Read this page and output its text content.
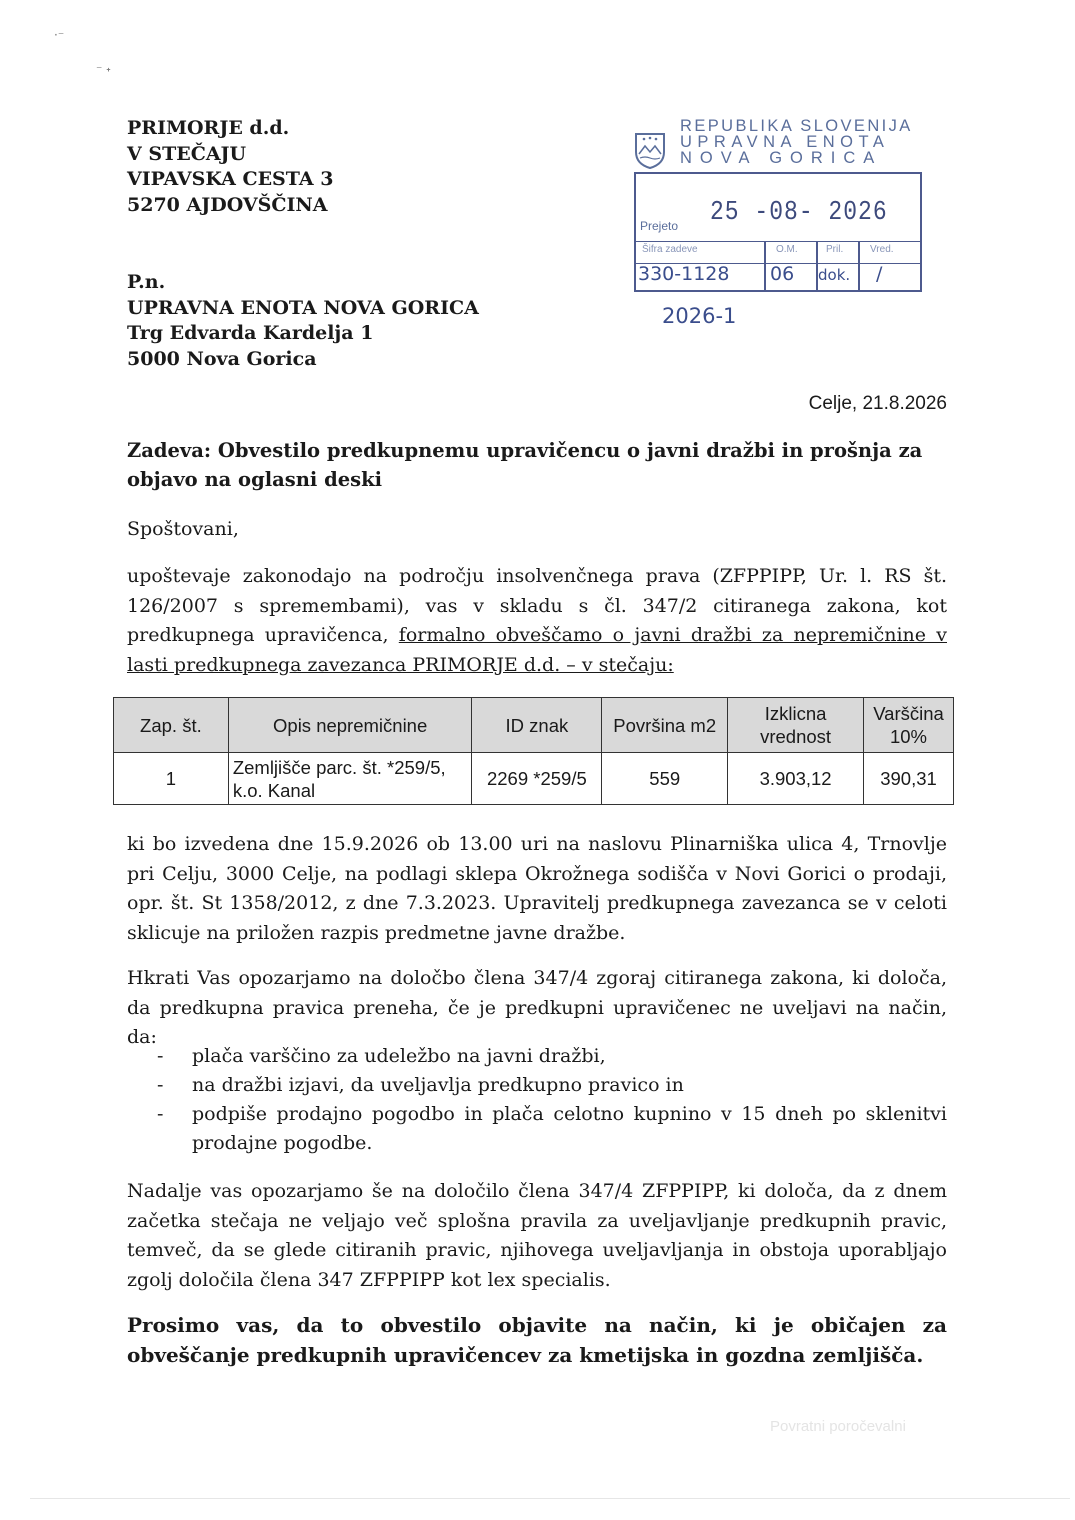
·⁻
⁻ ˖
PRIMORJE d.d.
V STEČAJU
VIPAVSKA CESTA 3
5270 AJDOVŠČINA
P.n.
UPRAVNA ENOTA NOVA GORICA
Trg Edvarda Kardelja 1
5000 Nova Gorica
REPUBLIKA SLOVENIJA
UPRAVNA ENOTA
NOVA GORICA
Prejeto 25 -08- 2026
Šifra zadeve	O.M.	Pril.	Vred.
330-1128 06 dok. /
2026-1
Celje, 21.8.2026
Zadeva: Obvestilo predkupnemu upravičencu o javni dražbi in prošnja za objavo na oglasni deski
Spoštovani,
upoštevaje zakonodajo na področju insolvenčnega prava (ZFPPIPP, Ur. l. RS št. 126/2007 s spremembami), vas v skladu s čl. 347/2 citiranega zakona, kot predkupnega upravičenca, formalno obveščamo o javni dražbi za nepremičnine v lasti predkupnega zavezanca PRIMORJE d.d. – v stečaju:
Zap. št.	Opis nepremičnine	ID znak	Površina m2	Izklicna vrednost	Varščina 10%
1	Zemljišče parc. št. *259/5, k.o. Kanal	2269 *259/5	559	3.903,12	390,31
ki bo izvedena dne 15.9.2026 ob 13.00 uri na naslovu Plinarniška ulica 4, Trnovlje pri Celju, 3000 Celje, na podlagi sklepa Okrožnega sodišča v Novi Gorici o prodaji, opr. št. St 1358/2012, z dne 7.3.2023. Upravitelj predkupnega zavezanca se v celoti sklicuje na priložen razpis predmetne javne dražbe.
Hkrati Vas opozarjamo na določbo člena 347/4 zgoraj citiranega zakona, ki določa, da predkupna pravica preneha, če je predkupni upravičenec ne uveljavi na način, da:
- plača varščino za udeležbo na javni dražbi,
- na dražbi izjavi, da uveljavlja predkupno pravico in
- podpiše prodajno pogodbo in plača celotno kupnino v 15 dneh po sklenitvi prodajne pogodbe.
Nadalje vas opozarjamo še na določilo člena 347/4 ZFPPIPP, ki določa, da z dnem začetka stečaja ne veljajo več splošna pravila za uveljavljanje predkupnih pravic, temveč, da se glede citiranih pravic, njihovega uveljavljanja in obstoja uporabljajo zgolj določila člena 347 ZFPPIPP kot lex specialis.
Prosimo vas, da to obvestilo objavite na način, ki je običajen za obveščanje predkupnih upravičencev za kmetijska in gozdna zemljišča.
Povratni poročevalni
